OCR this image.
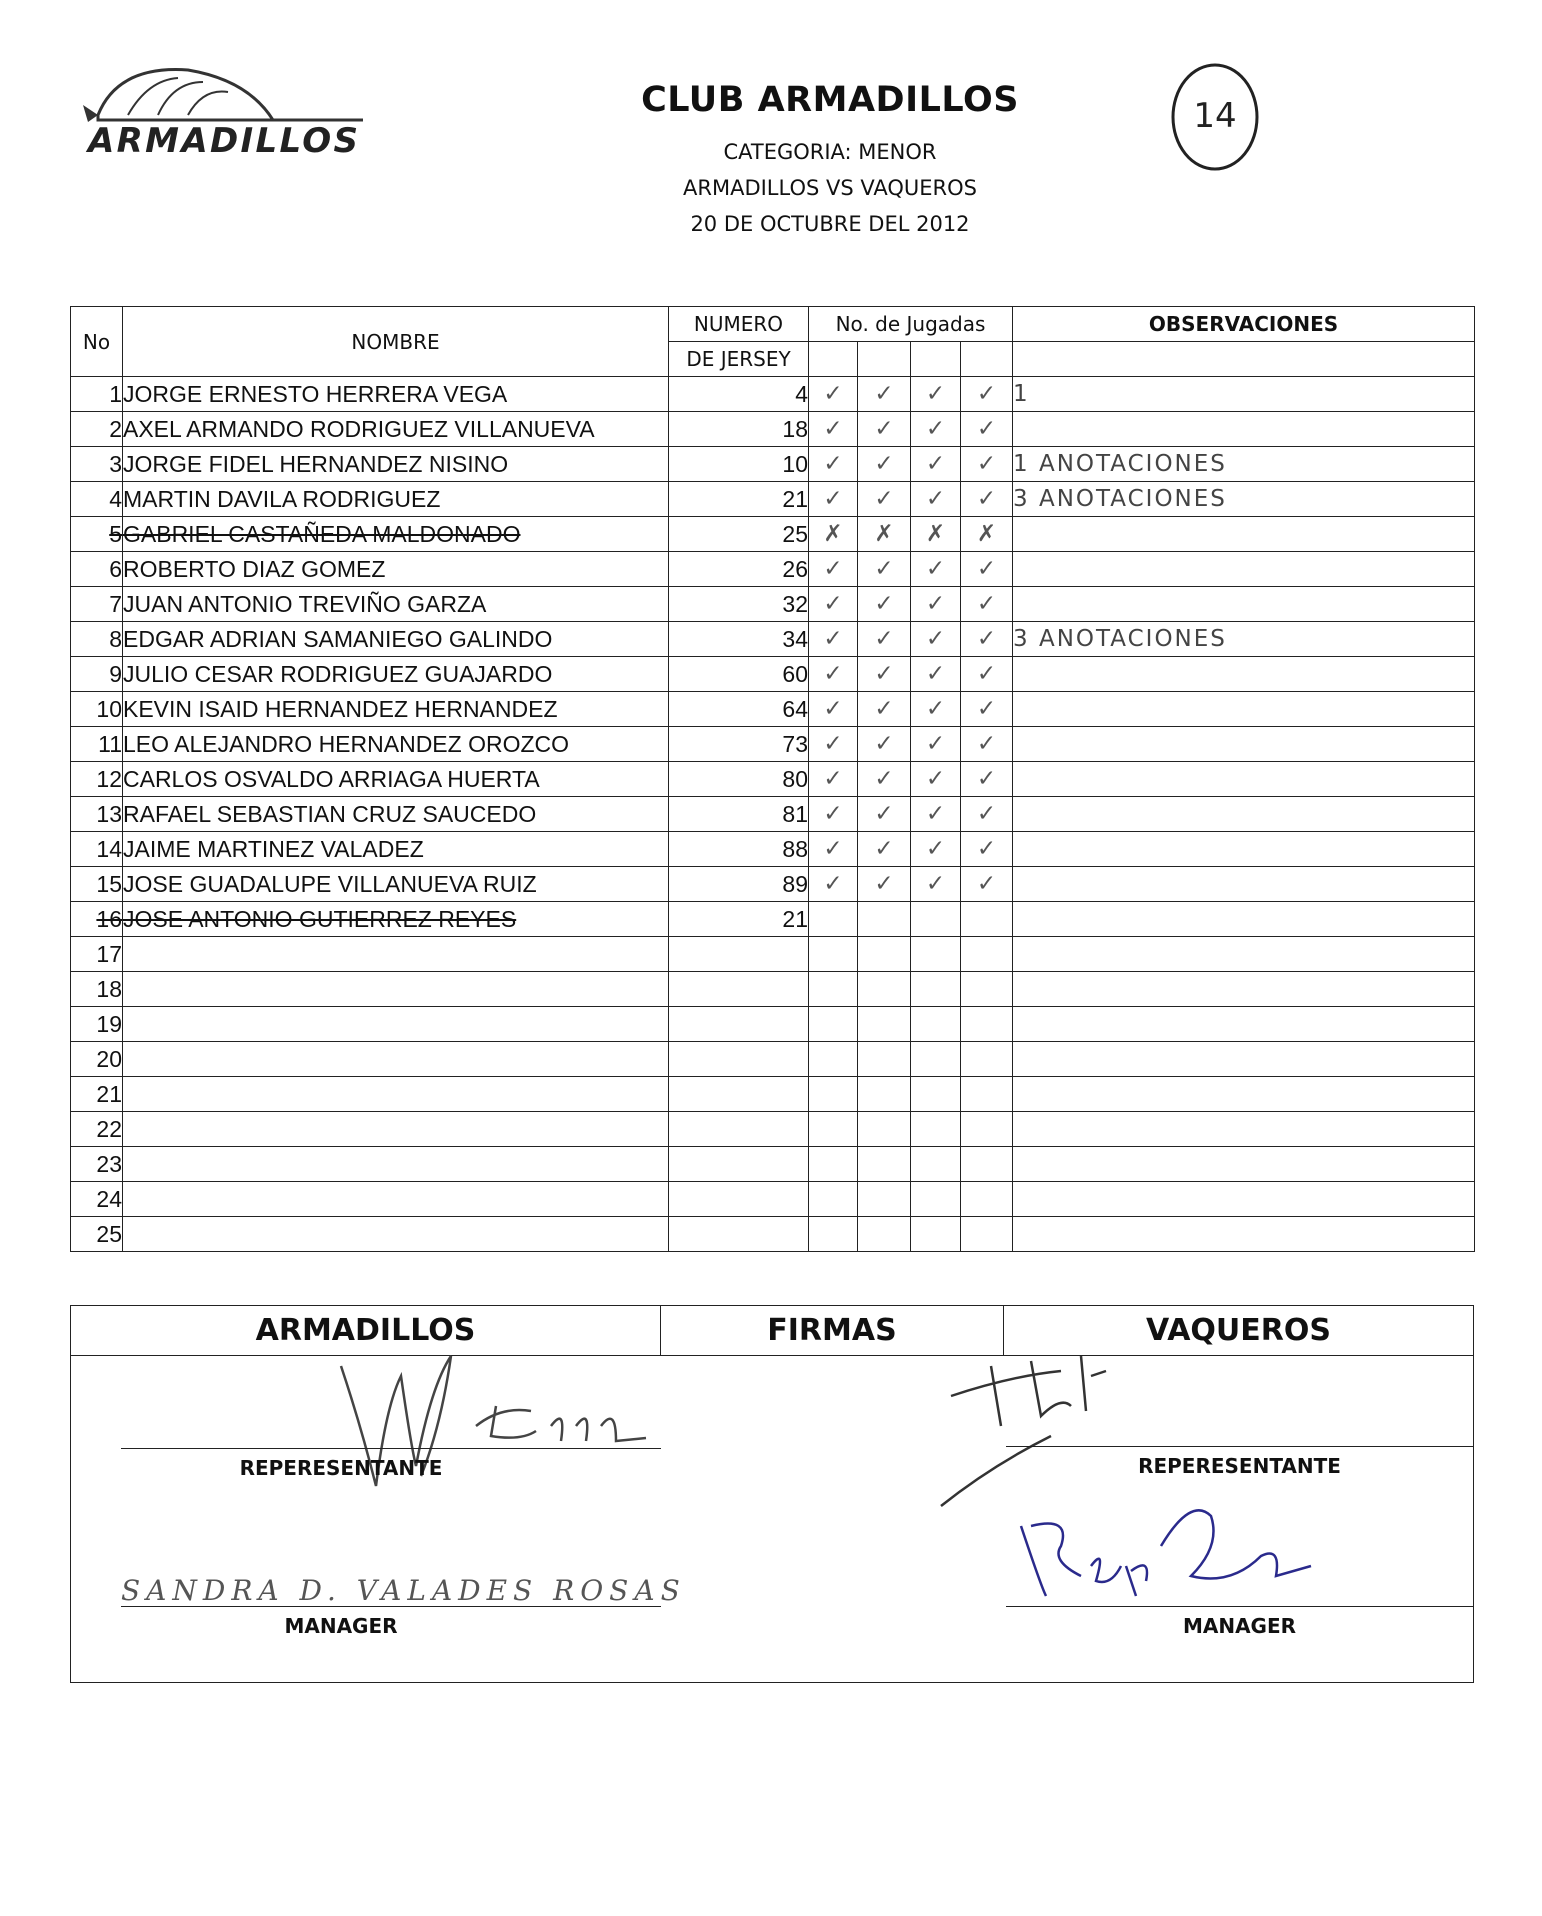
ARMADILLOS
14
CLUB ARMADILLOS
CATEGORIA: MENOR
ARMADILLOS VS VAQUEROS
20 DE OCTUBRE DEL 2012
No	NOMBRE	NUMERO	No. de Jugadas				OBSERVACIONES
		DE JERSEY					
1	JORGE ERNESTO HERRERA VEGA	4	✓	✓	✓	✓	1
2	AXEL ARMANDO RODRIGUEZ VILLANUEVA	18	✓	✓	✓	✓	
3	JORGE FIDEL HERNANDEZ NISINO	10	✓	✓	✓	✓	1 ANOTACIONES
4	MARTIN DAVILA RODRIGUEZ	21	✓	✓	✓	✓	3 ANOTACIONES
5	GABRIEL CASTAÑEDA MALDONADO	25	✗	✗	✗	✗	
6	ROBERTO DIAZ GOMEZ	26	✓	✓	✓	✓	
7	JUAN ANTONIO TREVIÑO GARZA	32	✓	✓	✓	✓	
8	EDGAR ADRIAN SAMANIEGO GALINDO	34	✓	✓	✓	✓	3 ANOTACIONES
9	JULIO CESAR RODRIGUEZ GUAJARDO	60	✓	✓	✓	✓	
10	KEVIN ISAID HERNANDEZ HERNANDEZ	64	✓	✓	✓	✓	
11	LEO ALEJANDRO HERNANDEZ OROZCO	73	✓	✓	✓	✓	
12	CARLOS OSVALDO ARRIAGA HUERTA	80	✓	✓	✓	✓	
13	RAFAEL SEBASTIAN CRUZ SAUCEDO	81	✓	✓	✓	✓	
14	JAIME MARTINEZ VALADEZ	88	✓	✓	✓	✓	
15	JOSE GUADALUPE VILLANUEVA RUIZ	89	✓	✓	✓	✓	
16	JOSE ANTONIO GUTIERREZ REYES	21					
17							
18							
19							
20							
21							
22							
23							
24							
25							
ARMADILLOS	FIRMAS	VAQUEROS
REPERESENTANTE
SANDRA D. VALADES ROSAS
MANAGER
REPERESENTANTE
MANAGER
